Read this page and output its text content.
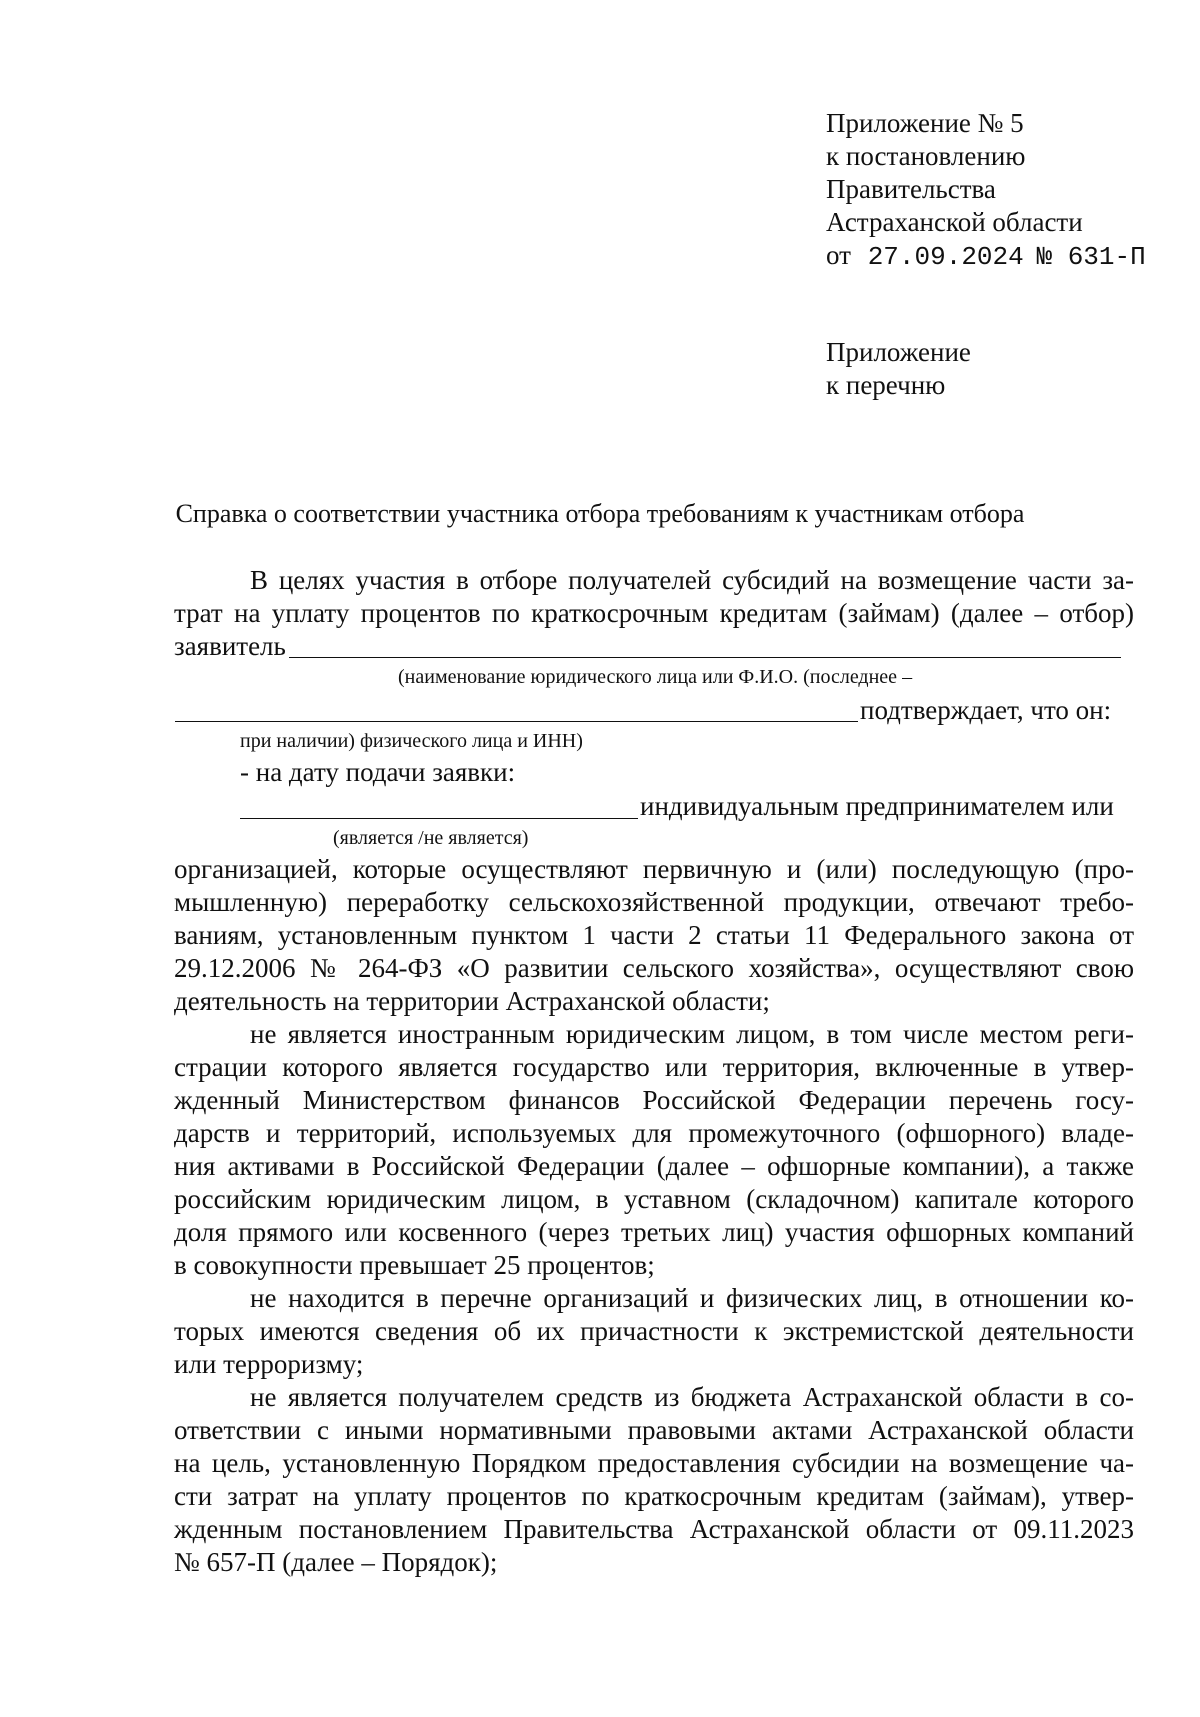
Приложение № 5
к постановлению
Правительства
Астраханской области
от 27.09.2024 № 631-П
Приложение
к перечню
Справка о соответствии участника отбора требованиям к участникам отбора
В целях участия в отборе получателей субсидий на возмещение части за-
трат на уплату процентов по краткосрочным кредитам (займам) (далее – отбор)
заявитель
(наименование юридического лица или Ф.И.О. (последнее –
подтверждает, что он:
при наличии) физического лица и ИНН)
- на дату подачи заявки:
индивидуальным предпринимателем или
(является /не является)
организацией, которые осуществляют первичную и (или) последующую (про-
мышленную) переработку сельскохозяйственной продукции, отвечают требо-
ваниям, установленным пунктом 1 части 2 статьи 11 Федерального закона от
29.12.2006 № 264-ФЗ «О развитии сельского хозяйства», осуществляют свою
деятельность на территории Астраханской области;
не является иностранным юридическим лицом, в том числе местом реги-
страции которого является государство или территория, включенные в утвер-
жденный Министерством финансов Российской Федерации перечень госу-
дарств и территорий, используемых для промежуточного (офшорного) владе-
ния активами в Российской Федерации (далее – офшорные компании), а также
российским юридическим лицом, в уставном (складочном) капитале которого
доля прямого или косвенного (через третьих лиц) участия офшорных компаний
в совокупности превышает 25 процентов;
не находится в перечне организаций и физических лиц, в отношении ко-
торых имеются сведения об их причастности к экстремистской деятельности
или терроризму;
не является получателем средств из бюджета Астраханской области в со-
ответствии с иными нормативными правовыми актами Астраханской области
на цель, установленную Порядком предоставления субсидии на возмещение ча-
сти затрат на уплату процентов по краткосрочным кредитам (займам), утвер-
жденным постановлением Правительства Астраханской области от 09.11.2023
№ 657-П (далее – Порядок);
